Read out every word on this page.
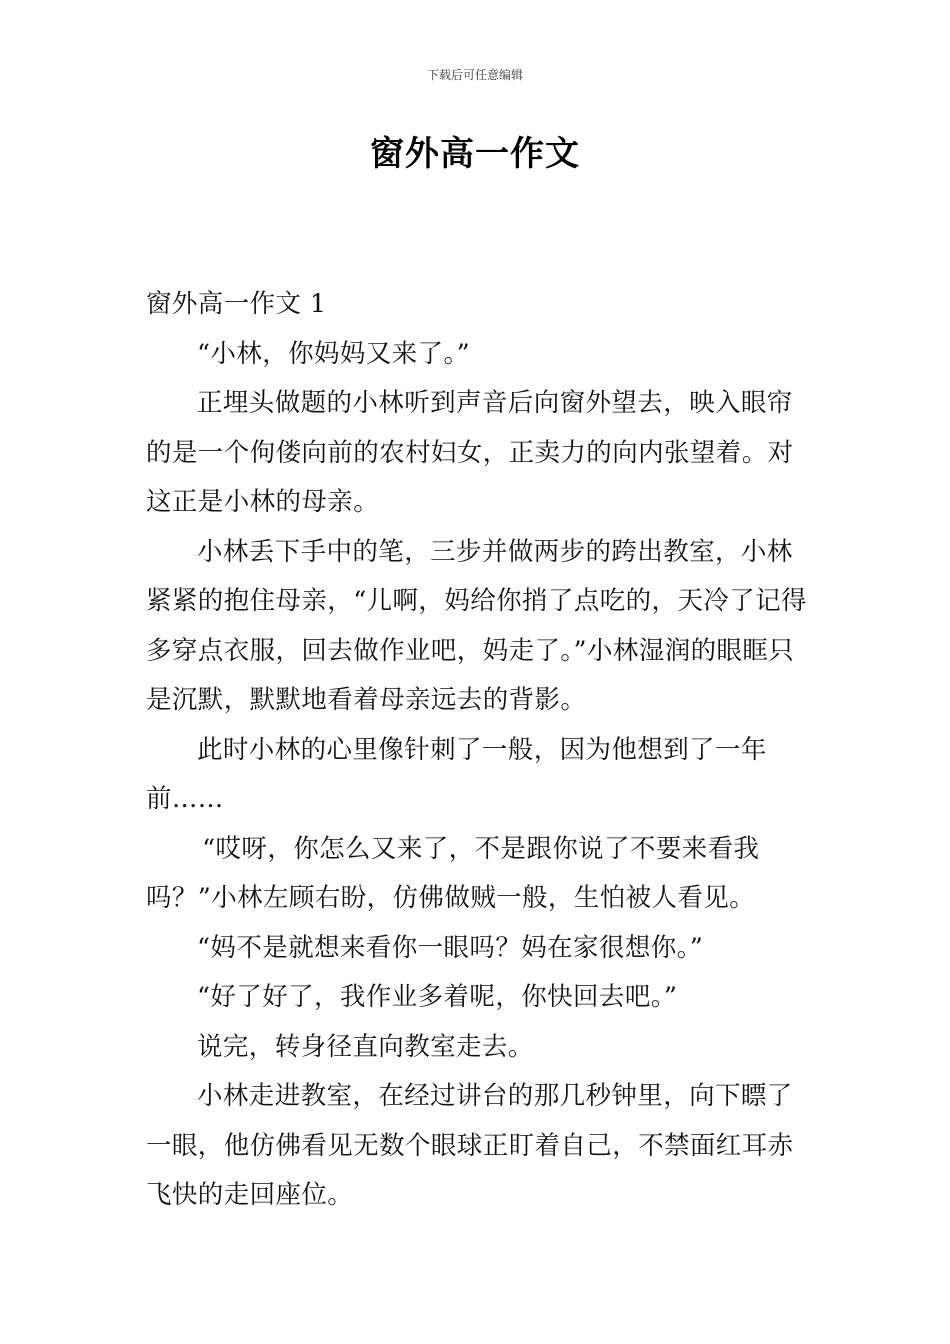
下载后可任意编辑
窗外高一作文

窗外高一作文 1

“小林，你妈妈又来了。”

正埋头做题的小林听到声音后向窗外望去，映入眼帘的是一个佝偻向前的农村妇女，正卖力的向内张望着。对这正是小林的母亲。

小林丢下手中的笔，三步并做两步的跨出教室，小林紧紧的抱住母亲，“儿啊，妈给你捎了点吃的，天冷了记得多穿点衣服，回去做作业吧，妈走了。”小林湿润的眼眶只是沉默，默默地看着母亲远去的背影。

此时小林的心里像针刺了一般，因为他想到了一年前……

“哎呀，你怎么又来了，不是跟你说了不要来看我吗？”小林左顾右盼，仿佛做贼一般，生怕被人看见。

“妈不是就想来看你一眼吗？妈在家很想你。”

“好了好了，我作业多着呢，你快回去吧。”

说完，转身径直向教室走去。

小林走进教室，在经过讲台的那几秒钟里，向下瞟了一眼，他仿佛看见无数个眼球正盯着自己，不禁面红耳赤飞快的走回座位。
